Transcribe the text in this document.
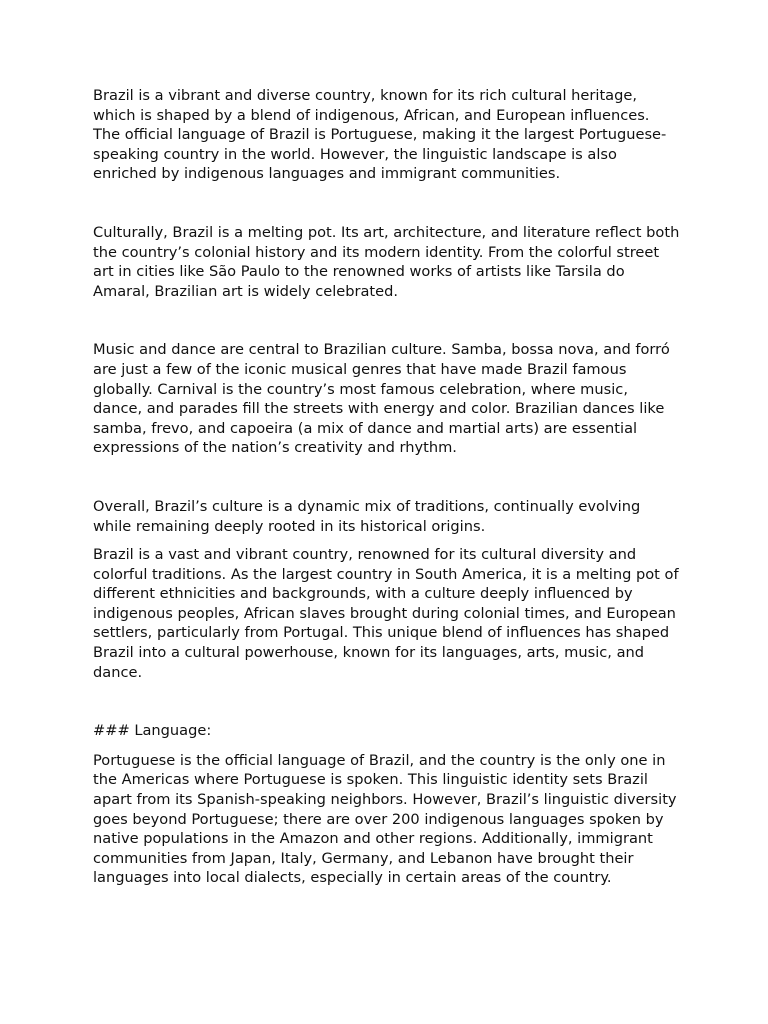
Brazil is a vibrant and diverse country, known for its rich cultural heritage, which is shaped by a blend of indigenous, African, and European influences. The official language of Brazil is Portuguese, making it the largest Portuguese-speaking country in the world. However, the linguistic landscape is also enriched by indigenous languages and immigrant communities.

Culturally, Brazil is a melting pot. Its art, architecture, and literature reflect both the country’s colonial history and its modern identity. From the colorful street art in cities like São Paulo to the renowned works of artists like Tarsila do Amaral, Brazilian art is widely celebrated.

Music and dance are central to Brazilian culture. Samba, bossa nova, and forró are just a few of the iconic musical genres that have made Brazil famous globally. Carnival is the country’s most famous celebration, where music, dance, and parades fill the streets with energy and color. Brazilian dances like samba, frevo, and capoeira (a mix of dance and martial arts) are essential expressions of the nation’s creativity and rhythm.

Overall, Brazil’s culture is a dynamic mix of traditions, continually evolving while remaining deeply rooted in its historical origins.

Brazil is a vast and vibrant country, renowned for its cultural diversity and colorful traditions. As the largest country in South America, it is a melting pot of different ethnicities and backgrounds, with a culture deeply influenced by indigenous peoples, African slaves brought during colonial times, and European settlers, particularly from Portugal. This unique blend of influences has shaped Brazil into a cultural powerhouse, known for its languages, arts, music, and dance.

### Language:

Portuguese is the official language of Brazil, and the country is the only one in the Americas where Portuguese is spoken. This linguistic identity sets Brazil apart from its Spanish-speaking neighbors. However, Brazil’s linguistic diversity goes beyond Portuguese; there are over 200 indigenous languages spoken by native populations in the Amazon and other regions. Additionally, immigrant communities from Japan, Italy, Germany, and Lebanon have brought their languages into local dialects, especially in certain areas of the country.
